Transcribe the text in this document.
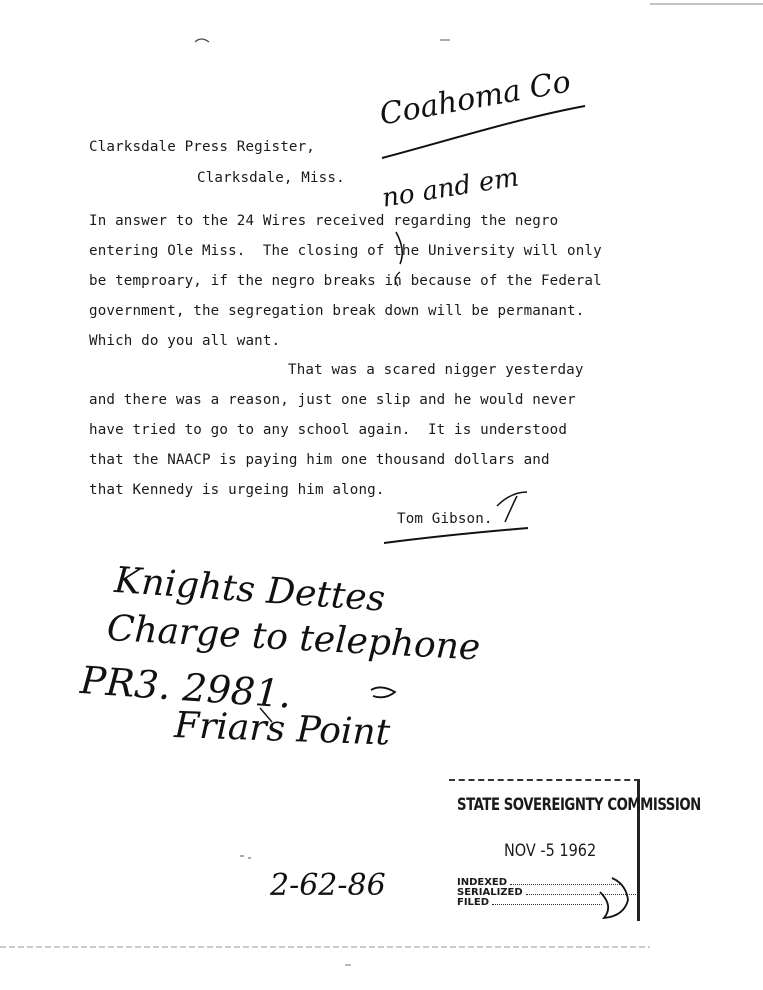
Clarksdale Press Register,
Clarksdale, Miss.
In answer to the 24 Wires received regarding the negro
entering Ole Miss.  The closing of the University will only
be temproary, if the negro breaks in because of the Federal
government, the segregation break down will be permanant.
Which do you all want.
That was a scared nigger yesterday
and there was a reason, just one slip and he would never
have tried to go to any school again.  It is understood
that the NAACP is paying him one thousand dollars and
that Kennedy is urgeing him along.
Tom Gibson.
Coahoma Co
no and em
Knights Dettes
Charge to telephone
PR3. 2981.
Friars Point
2-62-86
STATE SOVEREIGNTY COMMISSION
NOV -5 1962
INDEXED
SERIALIZED
FILED
